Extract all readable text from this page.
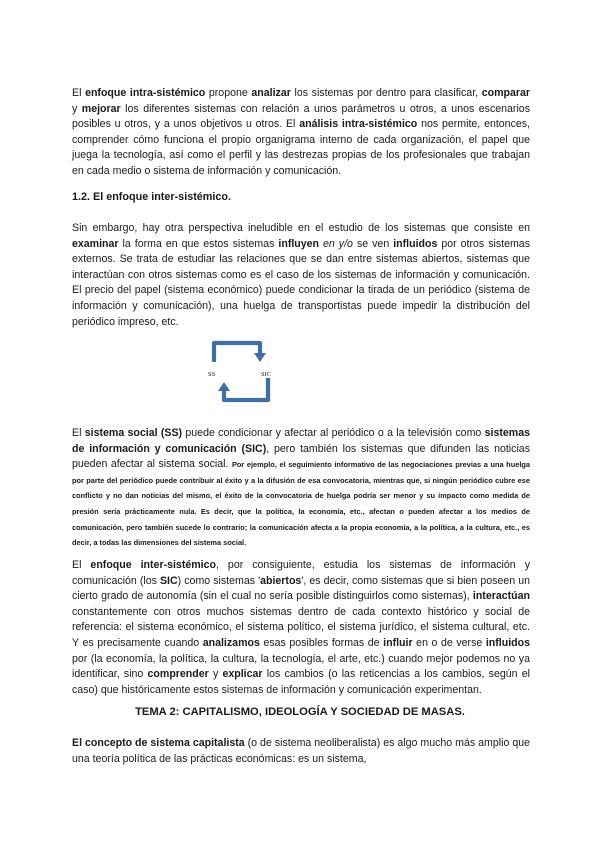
El enfoque intra-sistémico propone analizar los sistemas por dentro para clasificar, comparar y mejorar los diferentes sistemas con relación a unos parámetros u otros, a unos escenarios posibles u otros, y a unos objetivos u otros. El análisis intra-sistémico nos permite, entonces, comprender cómo funciona el propio organigrama interno de cada organización, el papel que juega la tecnología, así como el perfil y las destrezas propias de los profesionales que trabajan en cada medio o sistema de información y comunicación.

1.2. El enfoque inter-sistémico.

Sin embargo, hay otra perspectiva ineludible en el estudio de los sistemas que consiste en examinar la forma en que estos sistemas influyen en y/o se ven influidos por otros sistemas externos. Se trata de estudiar las relaciones que se dan entre sistemas abiertos, sistemas que interactúan con otros sistemas como es el caso de los sistemas de información y comunicación. El precio del papel (sistema económico) puede condicionar la tirada de un periódico (sistema de información y comunicación), una huelga de transportistas puede impedir la distribución del periódico impreso, etc.

SS	SIC

El sistema social (SS) puede condicionar y afectar al periódico o a la televisión como sistemas de información y comunicación (SIC), pero también los sistemas que difunden las noticias pueden afectar al sistema social. Por ejemplo, el seguimiento informativo de las negociaciones previas a una huelga por parte del periódico puede contribuir al éxito y a la difusión de esa convocatoria, mientras que, si ningún periódico cubre ese conflicto y no dan noticias del mismo, el éxito de la convocatoria de huelga podría ser menor y su impacto como medida de presión sería prácticamente nula. Es decir, que la política, la economía, etc., afectan o pueden afectar a los medios de comunicación, pero también sucede lo contrario; la comunicación afecta a la propia economía, a la política, a la cultura, etc., es decir, a todas las dimensiones del sistema social.

El enfoque inter-sistémico, por consiguiente, estudia los sistemas de información y comunicación (los SIC) como sistemas 'abiertos', es decir, como sistemas que si bien poseen un cierto grado de autonomía (sin el cual no sería posible distinguirlos como sistemas), interactúan constantemente con otros muchos sistemas dentro de cada contexto histórico y social de referencia: el sistema económico, el sistema político, el sistema jurídico, el sistema cultural, etc. Y es precisamente cuando analizamos esas posibles formas de influir en o de verse influidos por (la economía, la política, la cultura, la tecnología, el arte, etc.) cuando mejor podemos no ya identificar, sino comprender y explicar los cambios (o las reticencias a los cambios, según el caso) que históricamente estos sistemas de información y comunicación experimentan.

TEMA 2: CAPITALISMO, IDEOLOGÍA Y SOCIEDAD DE MASAS.

El concepto de sistema capitalista (o de sistema neoliberalista) es algo mucho más amplio que una teoría política de las prácticas económicas: es un sistema,
